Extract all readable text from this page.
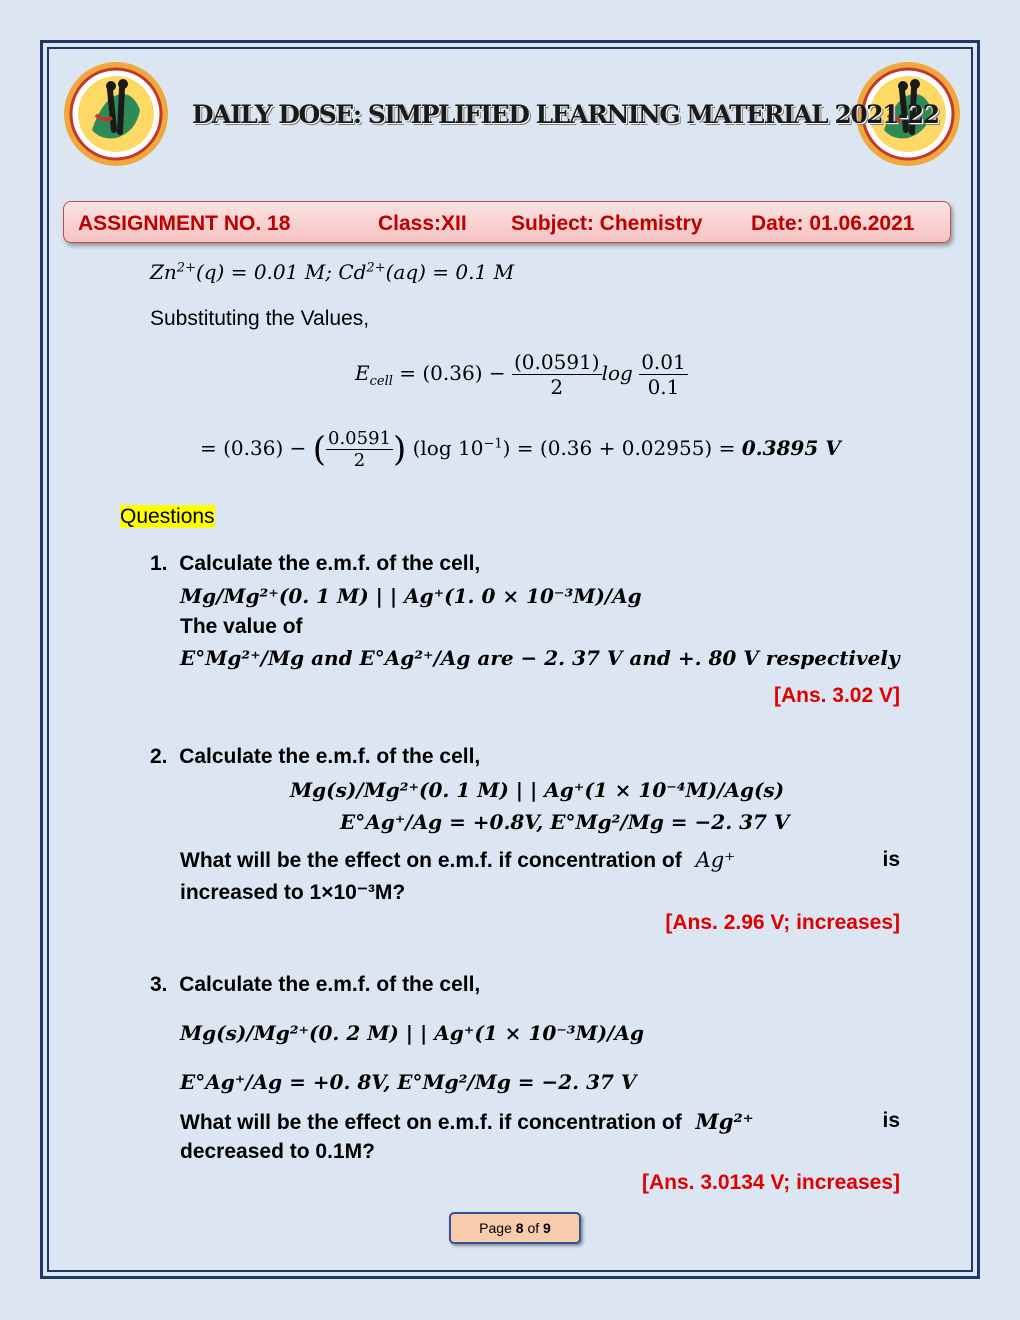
DAILY DOSE: SIMPLIFIED LEARNING MATERIAL 2021-22
ASSIGNMENT NO. 18	Class:XII Subject: Chemistry Date: 01.06.2021
$Zn^{2+}(q) = 0.01$ M; $Cd^{2+}(aq) = 0.1$ M
Substituting the Values,
$E_{cell} = (0.36) - \frac{(0.0591)}{2}$ $\log \frac{0.01}{0.1}$
= (0.36) − ( $\frac{0.0591}{2}$ ) (log $10^{-1}) = (0.36 + 0.02955) = 0.3895$ V
Questions
1. Calculate the e.m.f. of the cell,
Mg/Mg²⁺(0. 1 M) | | Ag⁺(1. 0 × 10⁻³M)/Ag
The value of
E°Mg²⁺/Mg and E°Ag²⁺/Ag are − 2. 37 V and +. 80 V respectively
[Ans. 3.02 V]
2. Calculate the e.m.f. of the cell,
Mg(s)/Mg²⁺(0. 1 M) | | Ag⁺(1 × 10⁻⁴M)/Ag(s)
E°Ag⁺/Ag = +0.8V, E°Mg²/Mg = −2. 37 V
What will be the effect on e.m.f. if concentration of Ag⁺	is
increased to 1×10⁻³M?
[Ans. 2.96 V; increases]
3. Calculate the e.m.f. of the cell,
Mg(s)/Mg²⁺(0. 2 M) | | Ag⁺(1 × 10⁻³M)/Ag
E°Ag⁺/Ag = +0. 8V, E°Mg²/Mg = −2. 37 V
What will be the effect on e.m.f. if concentration of Mg²⁺	is
decreased to 0.1M?
[Ans. 3.0134 V; increases]
Page 8 of 9
